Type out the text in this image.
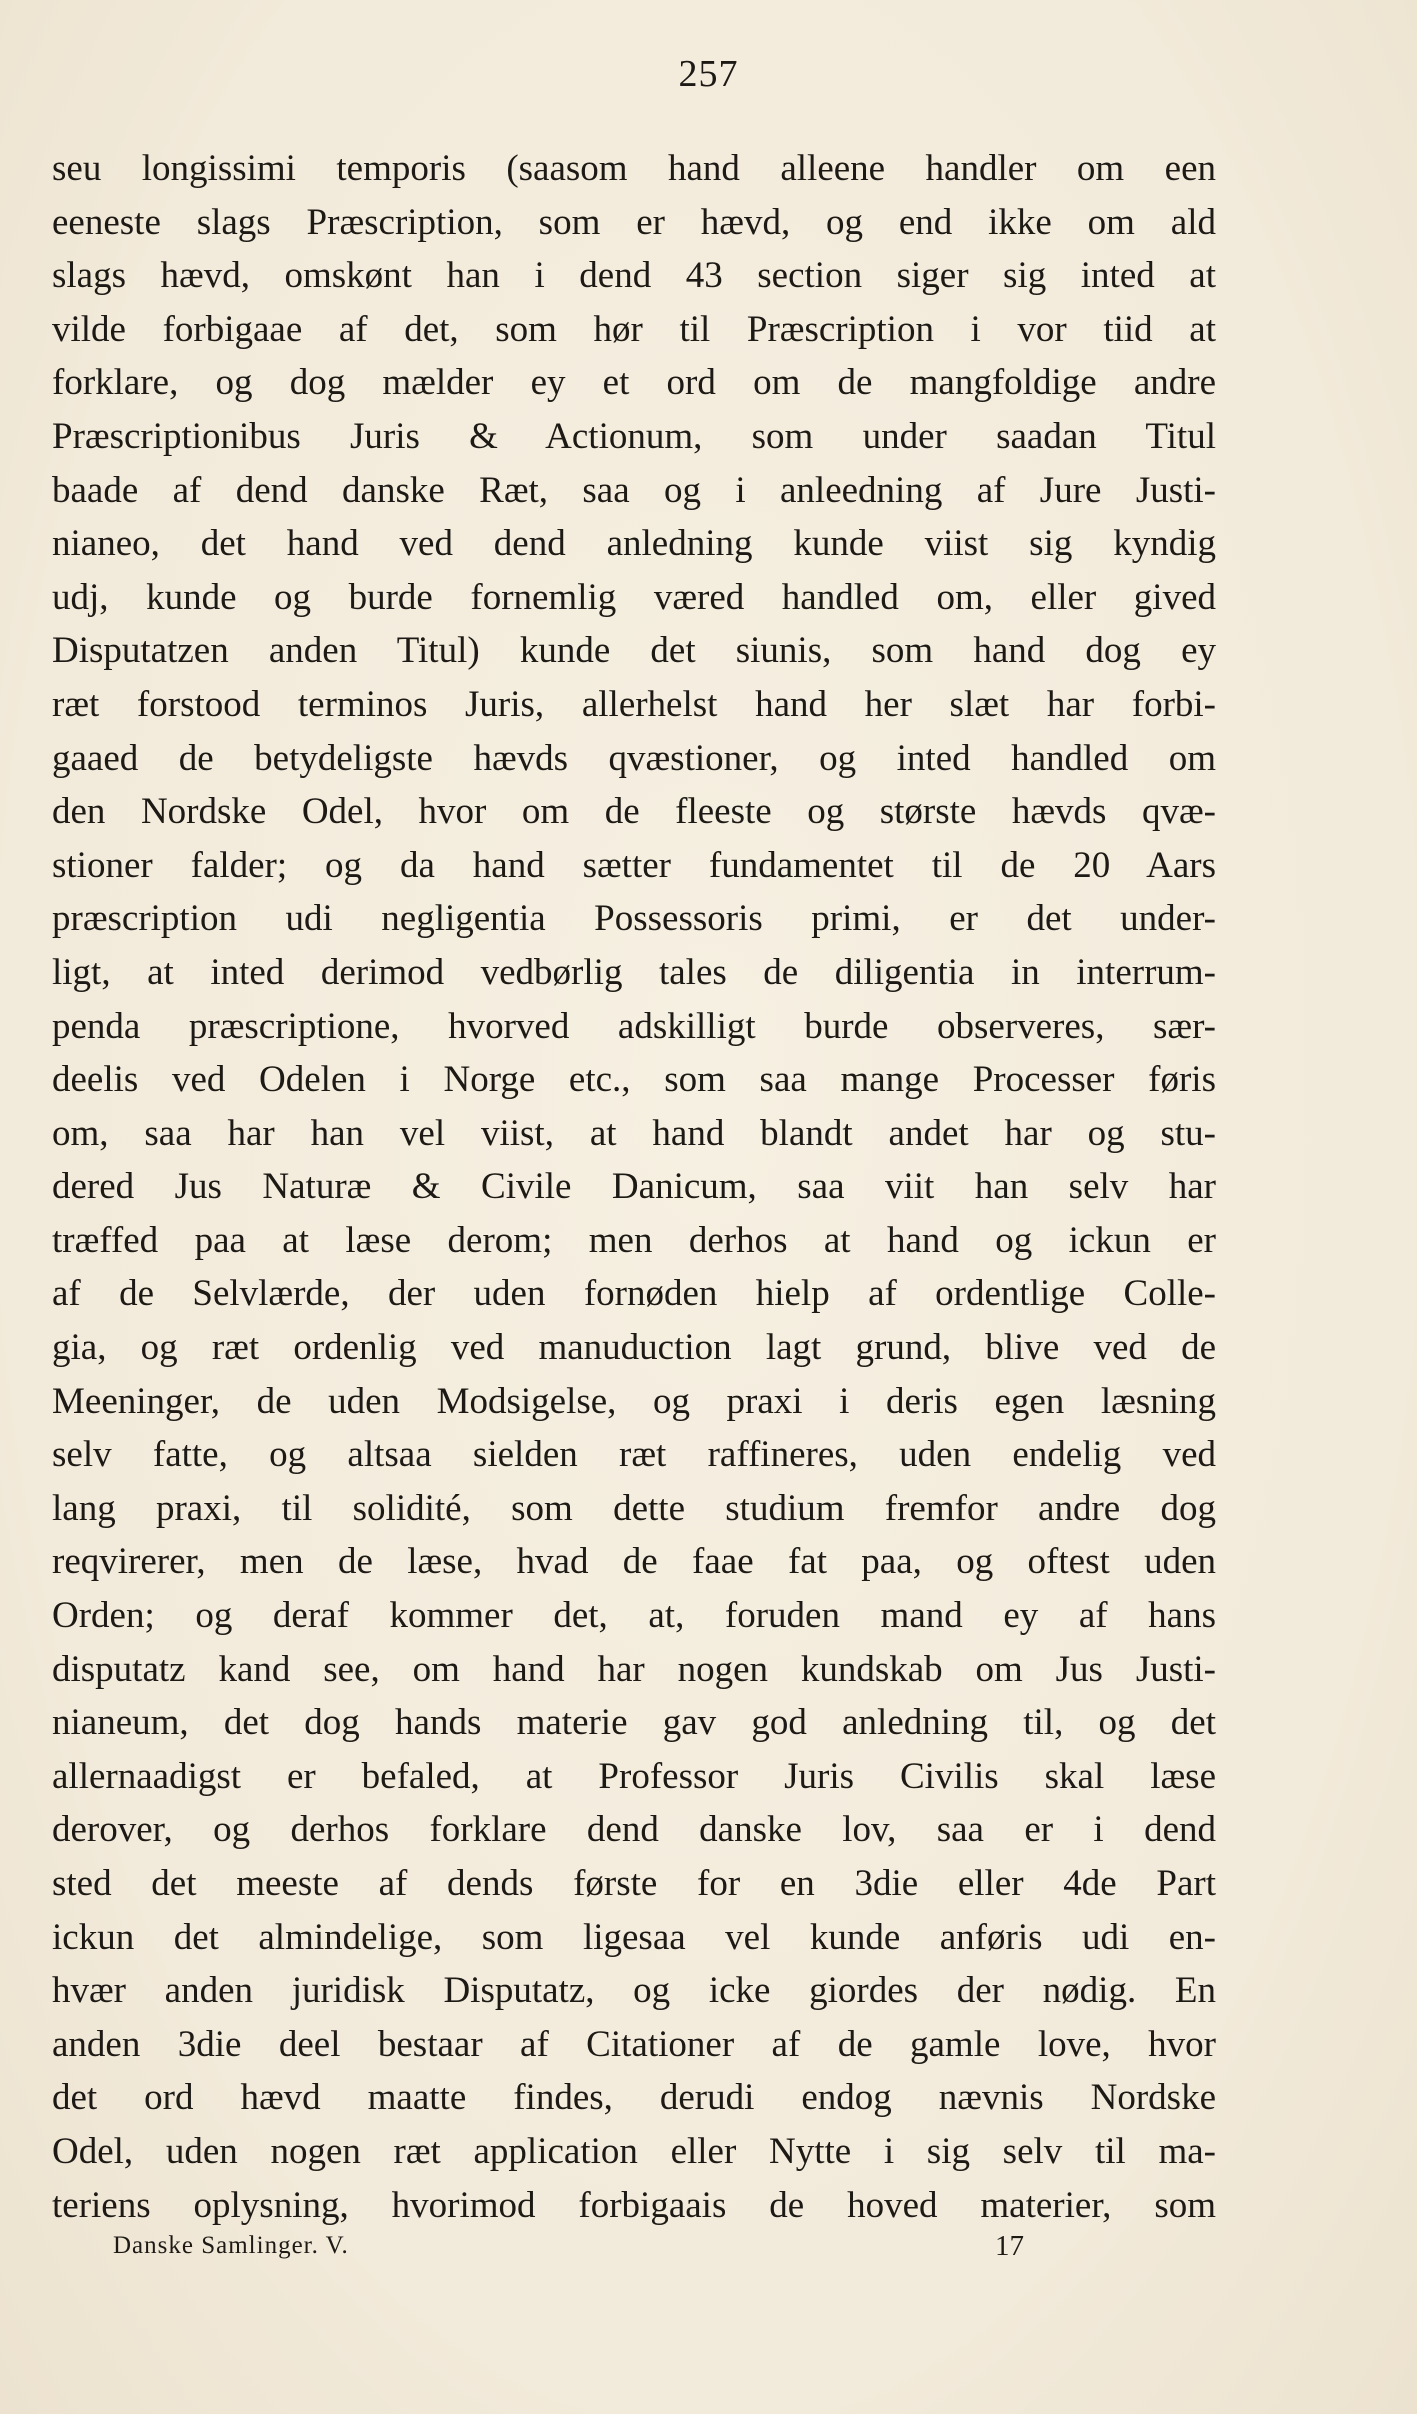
257
seu longissimi temporis (saasom hand alleene handler om een
eeneste slags Præscription, som er hævd, og end ikke om ald
slags hævd, omskønt han i dend 43 section siger sig inted at
vilde forbigaae af det, som hør til Præscription i vor tiid at
forklare, og dog mælder ey et ord om de mangfoldige andre
Præscriptionibus Juris & Actionum, som under saadan Titul
baade af dend danske Ræt, saa og i anleedning af Jure Justi-
nianeo, det hand ved dend anledning kunde viist sig kyndig
udj, kunde og burde fornemlig væred handled om, eller gived
Disputatzen anden Titul) kunde det siunis, som hand dog ey
ræt forstood terminos Juris, allerhelst hand her slæt har forbi-
gaaed de betydeligste hævds qvæstioner, og inted handled om
den Nordske Odel, hvor om de fleeste og største hævds qvæ-
stioner falder; og da hand sætter fundamentet til de 20 Aars
præscription udi negligentia Possessoris primi, er det under-
ligt, at inted derimod vedbørlig tales de diligentia in interrum-
penda præscriptione, hvorved adskilligt burde observeres, sær-
deelis ved Odelen i Norge etc., som saa mange Processer føris
om, saa har han vel viist, at hand blandt andet har og stu-
dered Jus Naturæ & Civile Danicum, saa viit han selv har
træffed paa at læse derom; men derhos at hand og ickun er
af de Selvlærde, der uden fornøden hielp af ordentlige Colle-
gia, og ræt ordenlig ved manuduction lagt grund, blive ved de
Meeninger, de uden Modsigelse, og praxi i deris egen læsning
selv fatte, og altsaa sielden ræt raffineres, uden endelig ved
lang praxi, til solidité, som dette studium fremfor andre dog
reqvirerer, men de læse, hvad de faae fat paa, og oftest uden
Orden; og deraf kommer det, at, foruden mand ey af hans
disputatz kand see, om hand har nogen kundskab om Jus Justi-
nianeum, det dog hands materie gav god anledning til, og det
allernaadigst er befaled, at Professor Juris Civilis skal læse
derover, og derhos forklare dend danske lov, saa er i dend
sted det meeste af dends første for en 3die eller 4de Part
ickun det almindelige, som ligesaa vel kunde anføris udi en-
hvær anden juridisk Disputatz, og icke giordes der nødig. En
anden 3die deel bestaar af Citationer af de gamle love, hvor
det ord hævd maatte findes, derudi endog nævnis Nordske
Odel, uden nogen ræt application eller Nytte i sig selv til ma-
teriens oplysning, hvorimod forbigaais de hoved materier, som
Danske Samlinger. V.	17
